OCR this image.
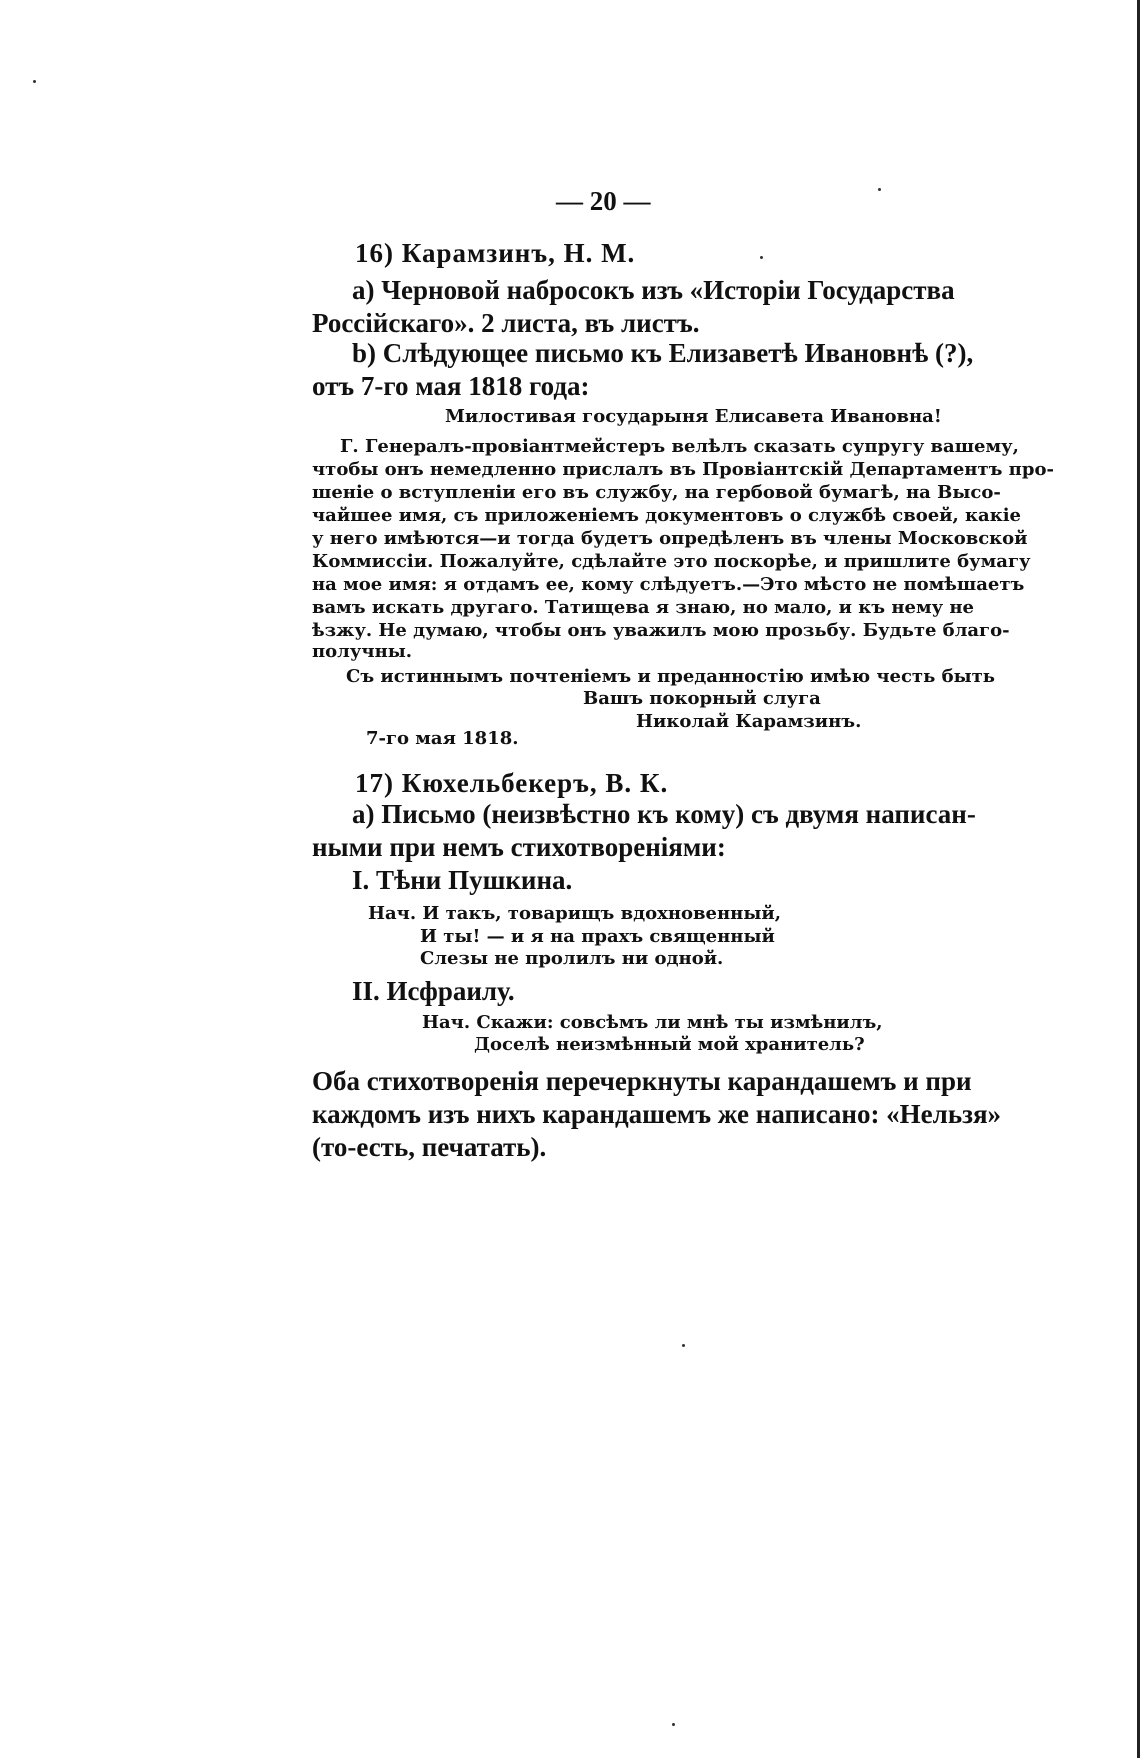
— 20 —
16) Карамзинъ, Н. М.
а) Черновой набросокъ изъ «Исторіи Государства
Россійскаго». 2 листа, въ листъ.
b) Слѣдующее письмо къ Елизаветѣ Ивановнѣ (?),
отъ 7-го мая 1818 года:
Милостивая государыня Елисавета Ивановна!
Г. Генералъ-провіантмейстеръ велѣлъ сказать супругу вашему,
чтобы онъ немедленно прислалъ въ Провіантскій Департаментъ про-
шеніе о вступленіи его въ службу, на гербовой бумагѣ, на Высо-
чайшее имя, съ приложеніемъ документовъ о службѣ своей, какіе
у него имѣются—и тогда будетъ опредѣленъ въ члены Московской
Коммиссіи. Пожалуйте, сдѣлайте это поскорѣе, и пришлите бумагу
на мое имя: я отдамъ ее, кому слѣдуетъ.—Это мѣсто не помѣшаетъ
вамъ искать другаго. Татищева я знаю, но мало, и къ нему не
ѣзжу. Не думаю, чтобы онъ уважилъ мою прозьбу. Будьте благо-
получны.
Съ истиннымъ почтеніемъ и преданностію имѣю честь быть
Вашъ покорный слуга
Николай Карамзинъ.
7-го мая 1818.
17) Кюхельбекеръ, В. К.
а) Письмо (неизвѣстно къ кому) съ двумя написан-
ными при немъ стихотвореніями:
I. Тѣни Пушкина.
Нач. И такъ, товарищъ вдохновенный,
И ты! — и я на прахъ священный
Слезы не пролилъ ни одной.
II. Исфраилу.
Нач. Скажи: совсѣмъ ли мнѣ ты измѣнилъ,
Доселѣ неизмѣнный мой хранитель?
Оба стихотворенія перечеркнуты карандашемъ и при
каждомъ изъ нихъ карандашемъ же написано: «Нельзя»
(то-есть, печатать).
